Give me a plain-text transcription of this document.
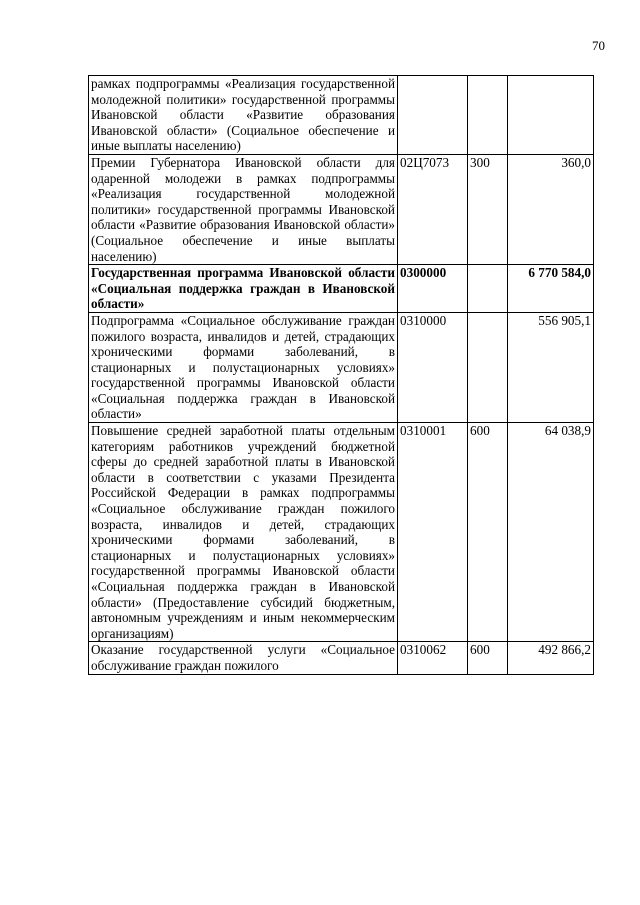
70
рамках подпрограммы «Реализация государственной молодежной политики» государственной программы Ивановской области «Развитие образования Ивановской области» (Социальное обеспечение и иные выплаты населению)			
Премии Губернатора Ивановской области для одаренной молодежи в рамках подпрограммы «Реализация государственной молодежной политики» государственной программы Ивановской области «Развитие образования Ивановской области» (Социальное обеспечение и иные выплаты населению)	02Ц7073	300	360,0
Государственная программа Ивановской области «Социальная поддержка граждан в Ивановской области»	0300000		6 770 584,0
Подпрограмма «Социальное обслуживание граждан пожилого возраста, инвалидов и детей, страдающих хроническими формами заболеваний, в стационарных и полустационарных условиях» государственной программы Ивановской области «Социальная поддержка граждан в Ивановской области»	0310000		556 905,1
Повышение средней заработной платы отдельным категориям работников учреждений бюджетной сферы до средней заработной платы в Ивановской области в соответствии с указами Президента Российской Федерации в рамках подпрограммы «Социальное обслуживание граждан пожилого возраста, инвалидов и детей, страдающих хроническими формами заболеваний, в стационарных и полустационарных условиях» государственной программы Ивановской области «Социальная поддержка граждан в Ивановской области» (Предоставление субсидий бюджетным, автономным учреждениям и иным некоммерческим организациям)	0310001	600	64 038,9
Оказание государственной услуги «Социальное обслуживание граждан пожилого	0310062	600	492 866,2
